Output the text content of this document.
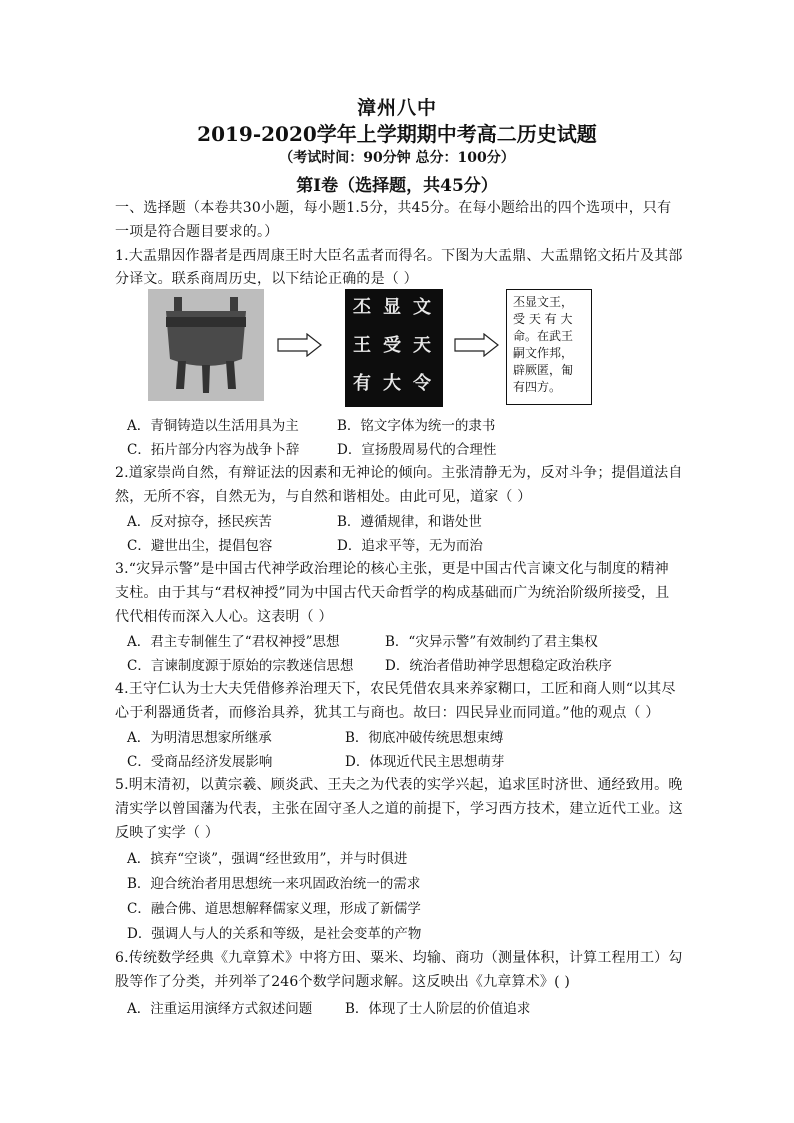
漳州八中
2019-2020学年上学期期中考高二历史试题
（考试时间：90分钟 总分：100分）
第Ⅰ卷（选择题，共45分）
一、选择题（本卷共30小题，每小题1.5分，共45分。在每小题给出的四个选项中，只有
一项是符合题目要求的。）
1.大盂鼎因作器者是西周康王时大臣名盂者而得名。下图为大盂鼎、大盂鼎铭文拓片及其部
分译文。联系商周历史，以下结论正确的是（ ）
丕 显 文
王 受 天
有 大 令
丕显文王，
受 天 有 大
命。在武王
嗣文作邦，
辟厥匿，匍
有四方。
A．青铜铸造以生活用具为主	B．铭文字体为统一的隶书
C．拓片部分内容为战争卜辞	D．宣扬殷周易代的合理性
2.道家崇尚自然，有辩证法的因素和无神论的倾向。主张清静无为，反对斗争；提倡道法自
然，无所不容，自然无为，与自然和谐相处。由此可见，道家（ ）
A．反对掠夺，拯民疾苦	B．遵循规律，和谐处世
C．避世出尘，提倡包容	D．追求平等，无为而治
3.“灾异示警”是中国古代神学政治理论的核心主张，更是中国古代言谏文化与制度的精神
支柱。由于其与“君权神授”同为中国古代天命哲学的构成基础而广为统治阶级所接受，且
代代相传而深入人心。这表明（ ）
A．君主专制催生了“君权神授”思想	B．“灾异示警”有效制约了君主集权
C．言谏制度源于原始的宗教迷信思想 D．统治者借助神学思想稳定政治秩序
4.王守仁认为士大夫凭借修养治理天下，农民凭借农具来养家糊口，工匠和商人则“以其尽
心于利器通货者，而修治具养，犹其工与商也。故曰：四民异业而同道。”他的观点（ ）
A．为明清思想家所继承	B．彻底冲破传统思想束缚
C．受商品经济发展影响	D．体现近代民主思想萌芽
5.明末清初，以黄宗羲、顾炎武、王夫之为代表的实学兴起，追求匡时济世、通经致用。晚
清实学以曾国藩为代表，主张在固守圣人之道的前提下，学习西方技术，建立近代工业。这
反映了实学（ ）
A．摈弃“空谈”，强调“经世致用”，并与时俱进
B．迎合统治者用思想统一来巩固政治统一的需求
C．融合佛、道思想解释儒家义理，形成了新儒学
D．强调人与人的关系和等级，是社会变革的产物
6.传统数学经典《九章算术》中将方田、粟米、均输、商功（测量体积，计算工程用工）勾
股等作了分类，并列举了246个数学问题求解。这反映出《九章算术》( )
A．注重运用演绎方式叙述问题 B．体现了士人阶层的价值追求
